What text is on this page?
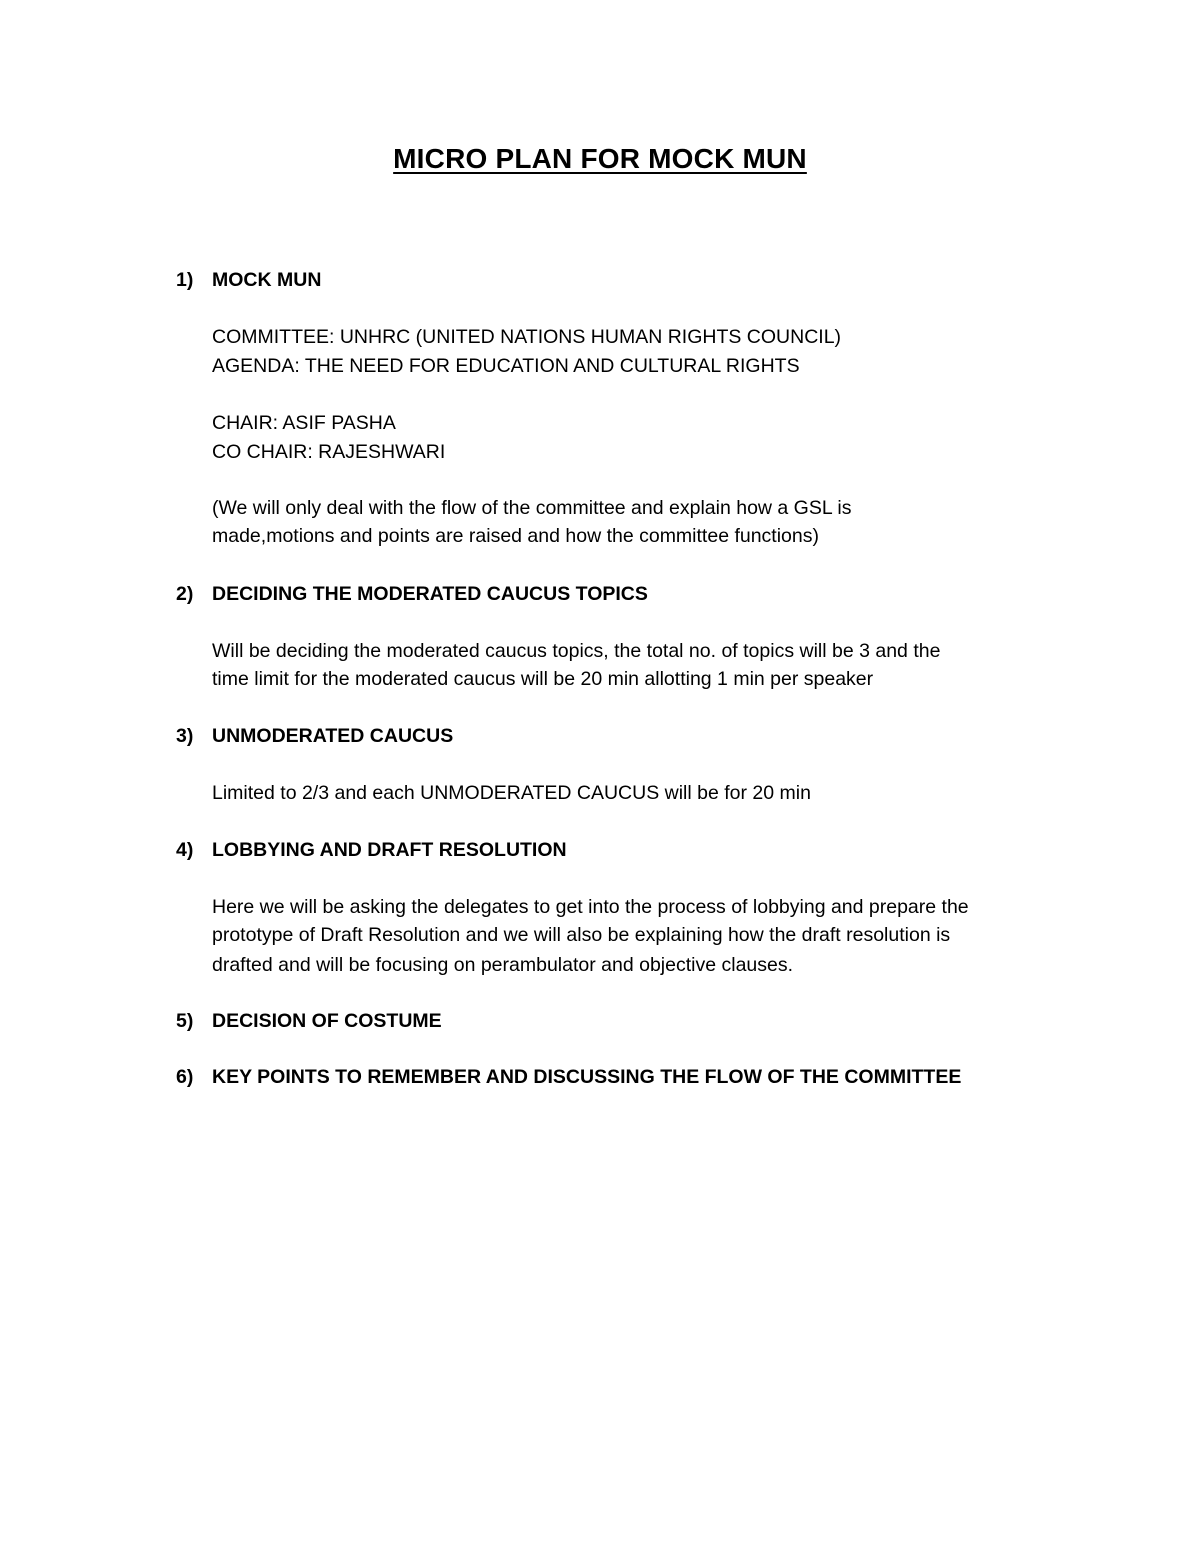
MICRO PLAN FOR MOCK MUN
1) MOCK MUN
COMMITTEE: UNHRC (UNITED NATIONS HUMAN RIGHTS COUNCIL)
AGENDA: THE NEED FOR EDUCATION AND CULTURAL RIGHTS
CHAIR: ASIF PASHA
CO CHAIR: RAJESHWARI
(We will only deal with the flow of the committee and explain how a GSL is
made,motions and points are raised and how the committee functions)
2) DECIDING THE MODERATED CAUCUS TOPICS
Will be deciding the moderated caucus topics, the total no. of topics will be 3 and the
time limit for the moderated caucus will be 20 min allotting 1 min per speaker
3) UNMODERATED CAUCUS
Limited to 2/3 and each UNMODERATED CAUCUS will be for 20 min
4) LOBBYING AND DRAFT RESOLUTION
Here we will be asking the delegates to get into the process of lobbying and prepare the
prototype of Draft Resolution and we will also be explaining how the draft resolution is
drafted and will be focusing on perambulator and objective clauses.
5) DECISION OF COSTUME
6) KEY POINTS TO REMEMBER AND DISCUSSING THE FLOW OF THE COMMITTEE
